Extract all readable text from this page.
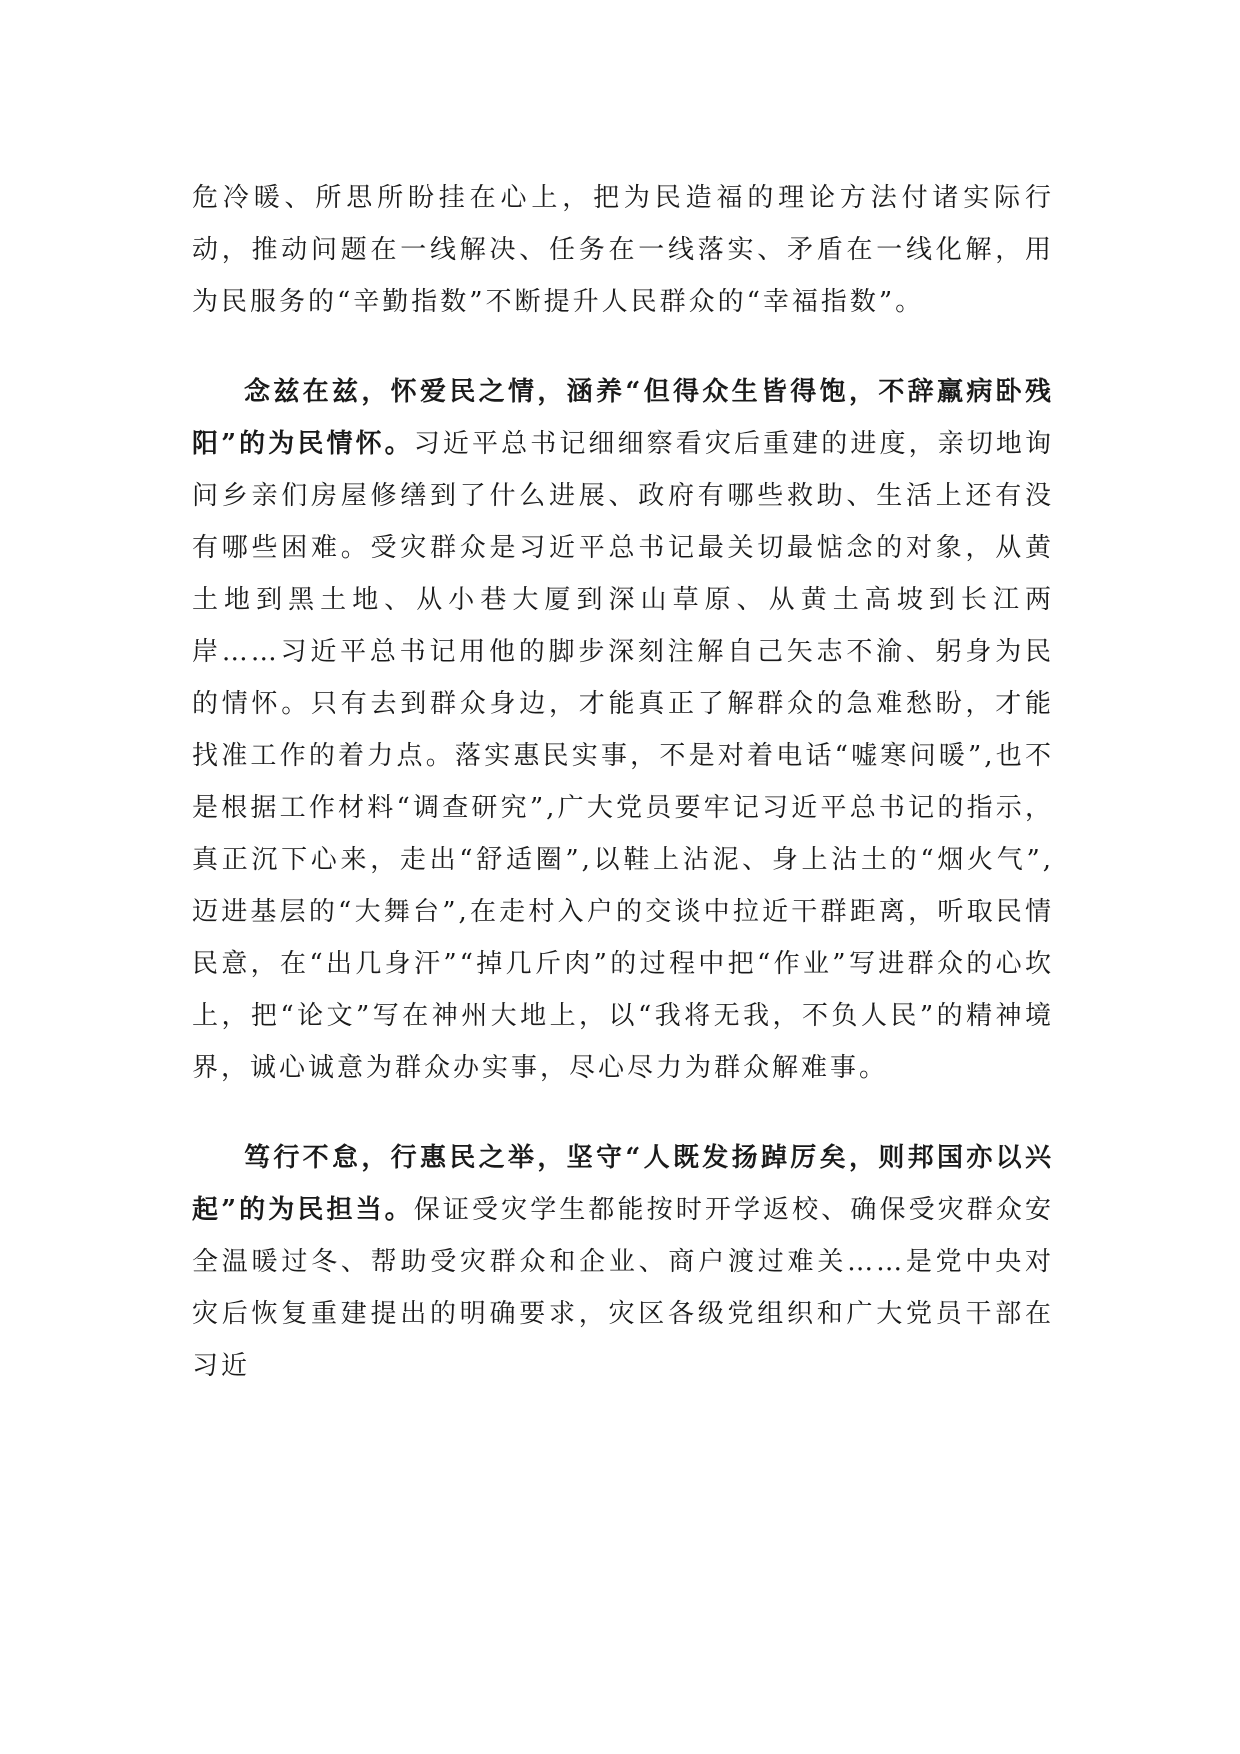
危冷暖、所思所盼挂在心上，把为民造福的理论方法付诸实际行动，推动问题在一线解决、任务在一线落实、矛盾在一线化解，用为民服务的“辛勤指数”不断提升人民群众的“幸福指数”。

念兹在兹，怀爱民之情，涵养“但得众生皆得饱，不辞羸病卧残阳”的为民情怀。习近平总书记细细察看灾后重建的进度，亲切地询问乡亲们房屋修缮到了什么进展、政府有哪些救助、生活上还有没有哪些困难。受灾群众是习近平总书记最关切最惦念的对象，从黄土地到黑土地、从小巷大厦到深山草原、从黄土高坡到长江两岸……习近平总书记用他的脚步深刻注解自己矢志不渝、躬身为民的情怀。只有去到群众身边，才能真正了解群众的急难愁盼，才能找准工作的着力点。落实惠民实事，不是对着电话“嘘寒问暖”,也不是根据工作材料“调查研究”,广大党员要牢记习近平总书记的指示，真正沉下心来，走出“舒适圈”,以鞋上沾泥、身上沾土的“烟火气”,迈进基层的“大舞台”,在走村入户的交谈中拉近干群距离，听取民情民意，在“出几身汗”“掉几斤肉”的过程中把“作业”写进群众的心坎上，把“论文”写在神州大地上，以“我将无我，不负人民”的精神境界，诚心诚意为群众办实事，尽心尽力为群众解难事。

笃行不怠，行惠民之举，坚守“人既发扬踔厉矣，则邦国亦以兴起”的为民担当。保证受灾学生都能按时开学返校、确保受灾群众安全温暖过冬、帮助受灾群众和企业、商户渡过难关……是党中央对灾后恢复重建提出的明确要求，灾区各级党组织和广大党员干部在习近
